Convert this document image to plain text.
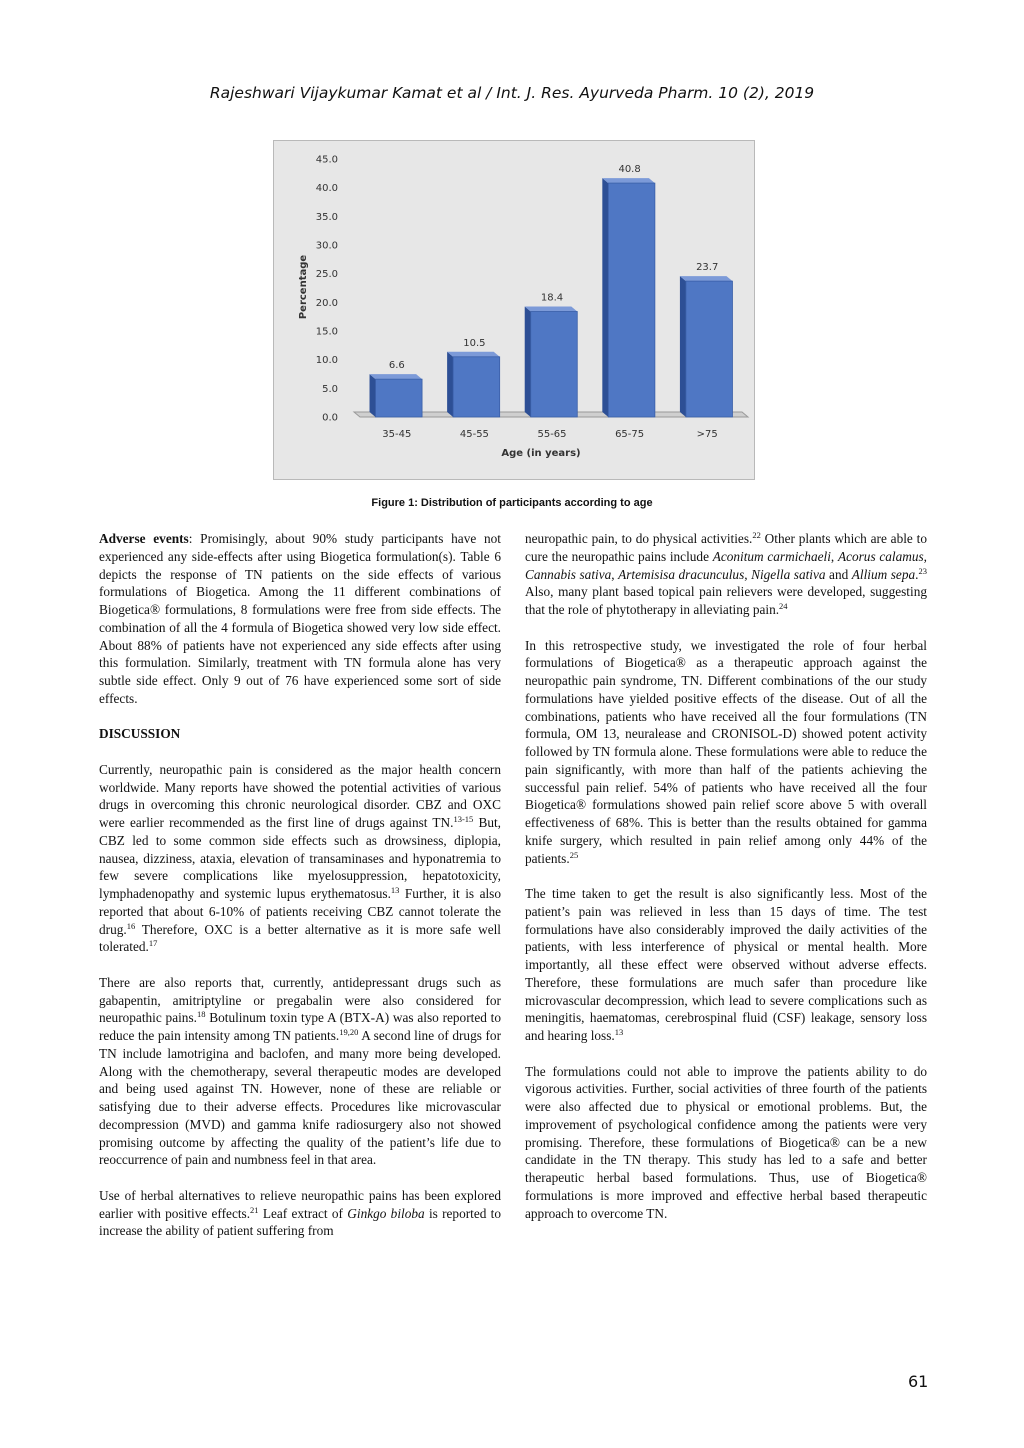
Rajeshwari Vijaykumar Kamat et al / Int. J. Res. Ayurveda Pharm. 10 (2), 2019
0.0
5.0
10.0
15.0
20.0
25.0
30.0
35.0
40.0
45.0
6.6
35-45
10.5
45-55
18.4
55-65
40.8
65-75
23.7
>75
Percentage
Age (in years)
Figure 1: Distribution of participants according to age

Adverse events: Promisingly, about 90% study participants have not experienced any side-effects after using Biogetica formulation(s). Table 6 depicts the response of TN patients on the side effects of various formulations of Biogetica. Among the 11 different combinations of Biogetica® formulations, 8 formulations were free from side effects. The combination of all the 4 formula of Biogetica showed very low side effect. About 88% of patients have not experienced any side effects after using this formulation. Similarly, treatment with TN formula alone has very subtle side effect. Only 9 out of 76 have experienced some sort of side effects.

DISCUSSION

Currently, neuropathic pain is considered as the major health concern worldwide. Many reports have showed the potential activities of various drugs in overcoming this chronic neurological disorder. CBZ and OXC were earlier recommended as the first line of drugs against TN.$^{13-15}$ But, CBZ led to some common side effects such as drowsiness, diplopia, nausea, dizziness, ataxia, elevation of transaminases and hyponatremia to few severe complications like myelosuppression, hepatotoxicity, lymphadenopathy and systemic lupus erythematosus.$^{13}$ Further, it is also reported that about 6-10% of patients receiving CBZ cannot tolerate the drug.$^{16}$ Therefore, OXC is a better alternative as it is more safe well tolerated.$^{17}$

There are also reports that, currently, antidepressant drugs such as gabapentin, amitriptyline or pregabalin were also considered for neuropathic pains.$^{18}$ Botulinum toxin type A (BTX-A) was also reported to reduce the pain intensity among TN patients.$^{19,20}$ A second line of drugs for TN include lamotrigina and baclofen, and many more being developed. Along with the chemotherapy, several therapeutic modes are developed and being used against TN. However, none of these are reliable or satisfying due to their adverse effects. Procedures like microvascular decompression (MVD) and gamma knife radiosurgery also not showed promising outcome by affecting the quality of the patient’s life due to reoccurrence of pain and numbness feel in that area.

Use of herbal alternatives to relieve neuropathic pains has been explored earlier with positive effects.$^{21}$ Leaf extract of Ginkgo biloba is reported to increase the ability of patient suffering from

neuropathic pain, to do physical activities.$^{22}$ Other plants which are able to cure the neuropathic pains include Aconitum carmichaeli, Acorus calamus, Cannabis sativa, Artemisisa dracunculus, Nigella sativa and Allium sepa.$^{23}$ Also, many plant based topical pain relievers were developed, suggesting that the role of phytotherapy in alleviating pain.$^{24}$

In this retrospective study, we investigated the role of four herbal formulations of Biogetica® as a therapeutic approach against the neuropathic pain syndrome, TN. Different combinations of the our study formulations have yielded positive effects of the disease. Out of all the combinations, patients who have received all the four formulations (TN formula, OM 13, neuralease and CRONISOL-D) showed potent activity followed by TN formula alone. These formulations were able to reduce the pain significantly, with more than half of the patients achieving the successful pain relief. 54% of patients who have received all the four Biogetica® formulations showed pain relief score above 5 with overall effectiveness of 68%. This is better than the results obtained for gamma knife surgery, which resulted in pain relief among only 44% of the patients.$^{25}$

The time taken to get the result is also significantly less. Most of the patient’s pain was relieved in less than 15 days of time. The test formulations have also considerably improved the daily activities of the patients, with less interference of physical or mental health. More importantly, all these effect were observed without adverse effects. Therefore, these formulations are much safer than procedure like microvascular decompression, which lead to severe complications such as meningitis, haematomas, cerebrospinal fluid (CSF) leakage, sensory loss and hearing loss.$^{13}$

The formulations could not able to improve the patients ability to do vigorous activities. Further, social activities of three fourth of the patients were also affected due to physical or emotional problems. But, the improvement of psychological confidence among the patients were very promising. Therefore, these formulations of Biogetica® can be a new candidate in the TN therapy. This study has led to a safe and better therapeutic herbal based formulations. Thus, use of Biogetica® formulations is more improved and effective herbal based therapeutic approach to overcome TN.

61
